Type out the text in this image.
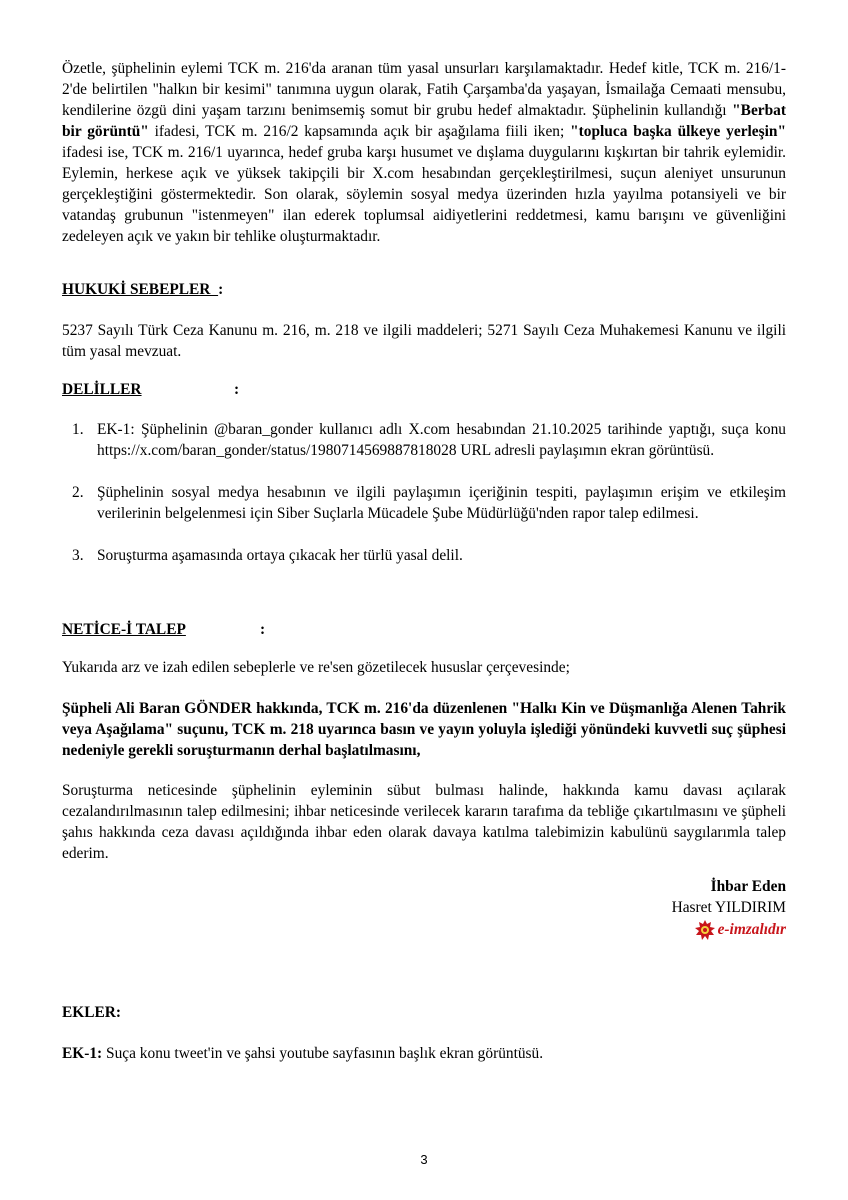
Özetle, şüphelinin eylemi TCK m. 216'da aranan tüm yasal unsurları karşılamaktadır. Hedef kitle, TCK m. 216/1-2'de belirtilen "halkın bir kesimi" tanımına uygun olarak, Fatih Çarşamba'da yaşayan, İsmailağa Cemaati mensubu, kendilerine özgü dini yaşam tarzını benimsemiş somut bir grubu hedef almaktadır. Şüphelinin kullandığı "Berbat bir görüntü" ifadesi, TCK m. 216/2 kapsamında açık bir aşağılama fiili iken; "topluca başka ülkeye yerleşin" ifadesi ise, TCK m. 216/1 uyarınca, hedef gruba karşı husumet ve dışlama duygularını kışkırtan bir tahrik eylemidir. Eylemin, herkese açık ve yüksek takipçili bir X.com hesabından gerçekleştirilmesi, suçun aleniyet unsurunun gerçekleştiğini göstermektedir. Son olarak, söylemin sosyal medya üzerinden hızla yayılma potansiyeli ve bir vatandaş grubunun "istenmeyen" ilan ederek toplumsal aidiyetlerini reddetmesi, kamu barışını ve güvenliğini zedeleyen açık ve yakın bir tehlike oluşturmaktadır.
HUKUKİ SEBEPLER  :
5237 Sayılı Türk Ceza Kanunu m. 216, m. 218 ve ilgili maddeleri; 5271 Sayılı Ceza Muhakemesi Kanunu ve ilgili tüm yasal mevzuat.
DELİLLER	:
1. EK-1: Şüphelinin @baran_gonder kullanıcı adlı X.com hesabından 21.10.2025 tarihinde yaptığı, suça konu https://x.com/baran_gonder/status/1980714569887818028 URL adresli paylaşımın ekran görüntüsü.
2. Şüphelinin sosyal medya hesabının ve ilgili paylaşımın içeriğinin tespiti, paylaşımın erişim ve etkileşim verilerinin belgelenmesi için Siber Suçlarla Mücadele Şube Müdürlüğü'nden rapor talep edilmesi.
3. Soruşturma aşamasında ortaya çıkacak her türlü yasal delil.
NETİCE-İ TALEP	:
Yukarıda arz ve izah edilen sebeplerle ve re'sen gözetilecek hususlar çerçevesinde;
Şüpheli Ali Baran GÖNDER hakkında, TCK m. 216'da düzenlenen "Halkı Kin ve Düşmanlığa Alenen Tahrik veya Aşağılama" suçunu, TCK m. 218 uyarınca basın ve yayın yoluyla işlediği yönündeki kuvvetli suç şüphesi nedeniyle gerekli soruşturmanın derhal başlatılmasını,
Soruşturma neticesinde şüphelinin eyleminin sübut bulması halinde, hakkında kamu davası açılarak cezalandırılmasının talep edilmesini; ihbar neticesinde verilecek kararın tarafıma da tebliğe çıkartılmasını ve şüpheli şahıs hakkında ceza davası açıldığında ihbar eden olarak davaya katılma talebimizin kabulünü saygılarımla talep ederim.
İhbar Eden
Hasret YILDIRIM
e-imzalıdır
EKLER:
EK-1: Suça konu tweet'in ve şahsi youtube sayfasının başlık ekran görüntüsü.
3
